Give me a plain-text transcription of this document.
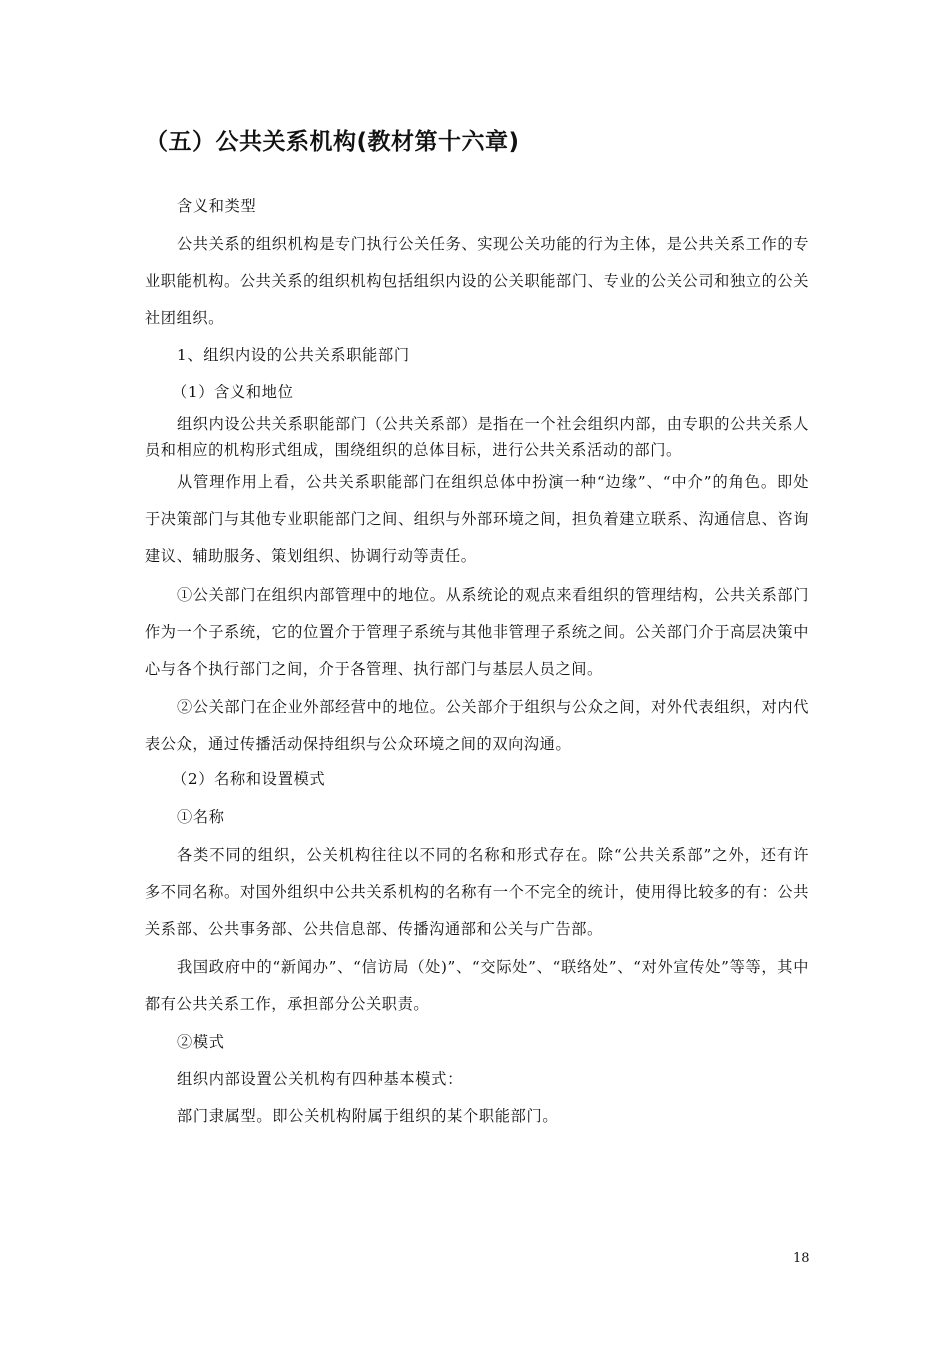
（五）公共关系机构(教材第十六章)
含义和类型
公共关系的组织机构是专门执行公关任务、实现公关功能的行为主体，是公共关系工作的专业职能机构。公共关系的组织机构包括组织内设的公关职能部门、专业的公关公司和独立的公关社团组织。
1、组织内设的公共关系职能部门
（1）含义和地位
组织内设公共关系职能部门（公共关系部）是指在一个社会组织内部，由专职的公共关系人员和相应的机构形式组成，围绕组织的总体目标，进行公共关系活动的部门。
从管理作用上看，公共关系职能部门在组织总体中扮演一种“边缘”、“中介”的角色。即处于决策部门与其他专业职能部门之间、组织与外部环境之间，担负着建立联系、沟通信息、咨询建议、辅助服务、策划组织、协调行动等责任。
①公关部门在组织内部管理中的地位。从系统论的观点来看组织的管理结构，公共关系部门作为一个子系统，它的位置介于管理子系统与其他非管理子系统之间。公关部门介于高层决策中心与各个执行部门之间，介于各管理、执行部门与基层人员之间。
②公关部门在企业外部经营中的地位。公关部介于组织与公众之间，对外代表组织，对内代表公众，通过传播活动保持组织与公众环境之间的双向沟通。
（2）名称和设置模式
①名称
各类不同的组织，公关机构往往以不同的名称和形式存在。除“公共关系部”之外，还有许多不同名称。对国外组织中公共关系机构的名称有一个不完全的统计，使用得比较多的有：公共关系部、公共事务部、公共信息部、传播沟通部和公关与广告部。
我国政府中的“新闻办”、“信访局（处)”、“交际处”、“联络处”、“对外宣传处”等等，其中都有公共关系工作，承担部分公关职责。
②模式
组织内部设置公关机构有四种基本模式：
部门隶属型。即公关机构附属于组织的某个职能部门。
18
